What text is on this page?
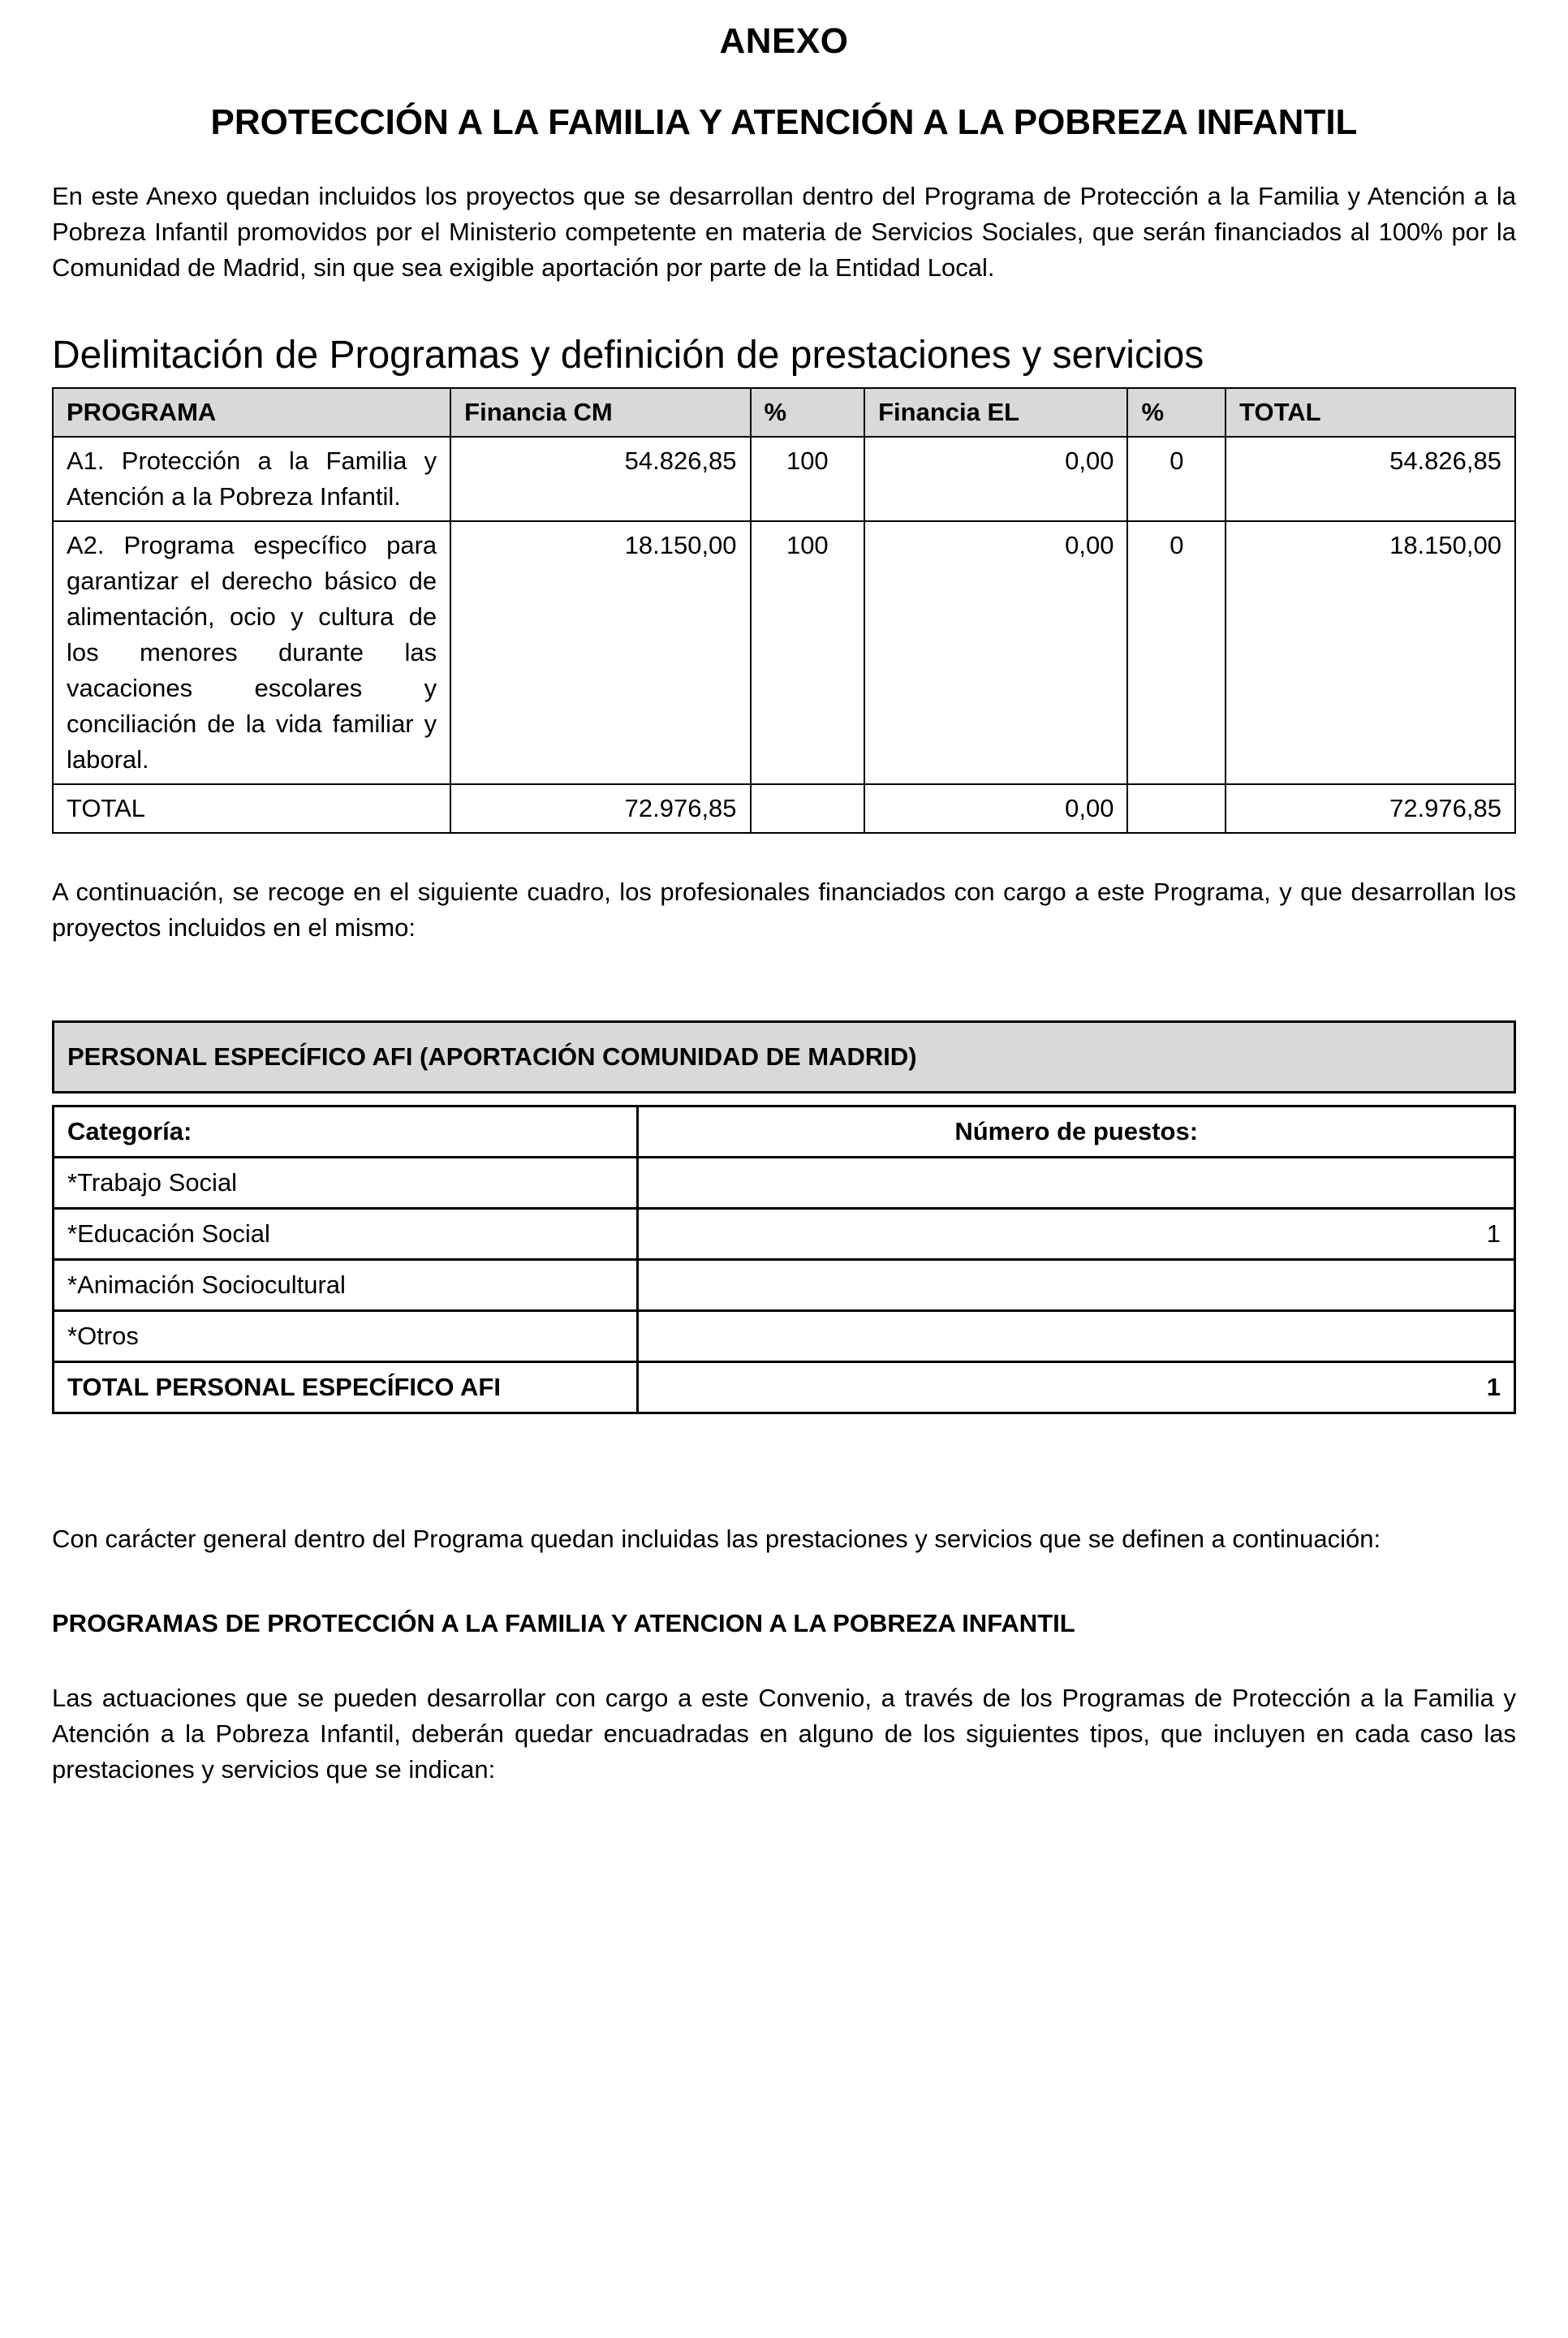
ANEXO
PROTECCIÓN A LA FAMILIA Y ATENCIÓN A LA POBREZA INFANTIL

En este Anexo quedan incluidos los proyectos que se desarrollan dentro del Programa de Protección a la Familia y Atención a la Pobreza Infantil promovidos por el Ministerio competente en materia de Servicios Sociales, que serán financiados al 100% por la Comunidad de Madrid, sin que sea exigible aportación por parte de la Entidad Local.

Delimitación de Programas y definición de prestaciones y servicios
PROGRAMA	Financia CM	%	Financia EL	%	TOTAL
A1. Protección a la Familia y Atención a la Pobreza Infantil.	54.826,85	100	0,00	0	54.826,85
A2. Programa específico para garantizar el derecho básico de alimentación, ocio y cultura de los menores durante las vacaciones escolares y conciliación de la vida familiar y laboral.	18.150,00	100	0,00	0	18.150,00
TOTAL	72.976,85		0,00		72.976,85

A continuación, se recoge en el siguiente cuadro, los profesionales financiados con cargo a este Programa, y que desarrollan los proyectos incluidos en el mismo:

PERSONAL ESPECÍFICO AFI (APORTACIÓN COMUNIDAD DE MADRID)
Categoría:	Número de puestos:
*Trabajo Social	
*Educación Social	1
*Animación Sociocultural	
*Otros	
TOTAL PERSONAL ESPECÍFICO AFI	1

Con carácter general dentro del Programa quedan incluidas las prestaciones y servicios que se definen a continuación:

PROGRAMAS DE PROTECCIÓN A LA FAMILIA Y ATENCION A LA POBREZA INFANTIL

Las actuaciones que se pueden desarrollar con cargo a este Convenio, a través de los Programas de Protección a la Familia y Atención a la Pobreza Infantil, deberán quedar encuadradas en alguno de los siguientes tipos, que incluyen en cada caso las prestaciones y servicios que se indican:
